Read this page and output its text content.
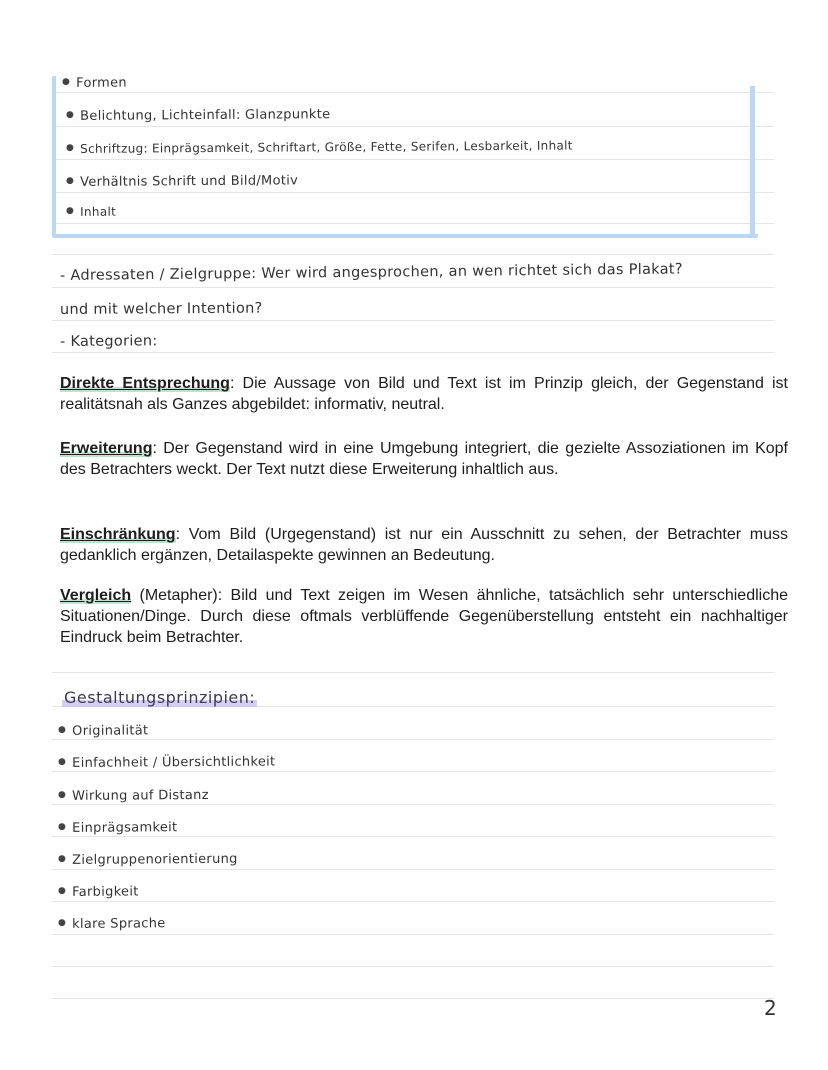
● Formen
● Belichtung, Lichteinfall: Glanzpunkte
● Schriftzug: Einprägsamkeit, Schriftart, Größe, Fette, Serifen, Lesbarkeit, Inhalt
● Verhältnis Schrift und Bild/Motiv
● Inhalt
- Adressaten / Zielgruppe: Wer wird angesprochen, an wen richtet sich das Plakat?
und mit welcher Intention?
- Kategorien:
Direkte Entsprechung: Die Aussage von Bild und Text ist im Prinzip gleich, der Gegenstand ist realitätsnah als Ganzes abgebildet: informativ, neutral.
Erweiterung: Der Gegenstand wird in eine Umgebung integriert, die gezielte Assoziationen im Kopf des Betrachters weckt. Der Text nutzt diese Erweiterung inhaltlich aus.
Einschränkung: Vom Bild (Urgegenstand) ist nur ein Ausschnitt zu sehen, der Betrachter muss gedanklich ergänzen, Detailaspekte gewinnen an Bedeutung.
Vergleich (Metapher): Bild und Text zeigen im Wesen ähnliche, tatsächlich sehr unterschiedliche Situationen/Dinge. Durch diese oftmals verblüffende Gegenüberstellung entsteht ein nachhaltiger Eindruck beim Betrachter.
Gestaltungsprinzipien:
● Originalität
● Einfachheit / Übersichtlichkeit
● Wirkung auf Distanz
● Einprägsamkeit
● Zielgruppenorientierung
● Farbigkeit
● klare Sprache
2
